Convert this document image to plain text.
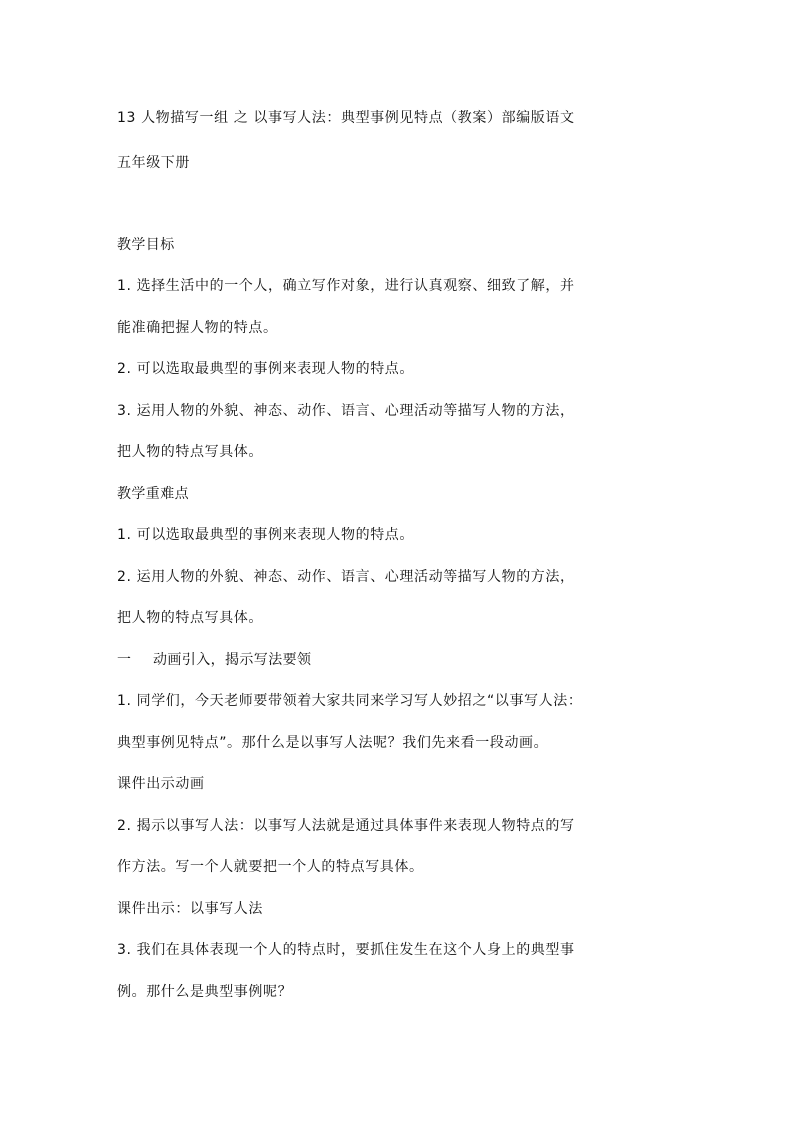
13 人物描写一组 之 以事写人法：典型事例见特点（教案）部编版语文
五年级下册
教学目标
1. 选择生活中的一个人，确立写作对象，进行认真观察、细致了解，并
能准确把握人物的特点。
2. 可以选取最典型的事例来表现人物的特点。
3. 运用人物的外貌、神态、动作、语言、心理活动等描写人物的方法，
把人物的特点写具体。
教学重难点
1. 可以选取最典型的事例来表现人物的特点。
2. 运用人物的外貌、神态、动作、语言、心理活动等描写人物的方法，
把人物的特点写具体。
一 动画引入，揭示写法要领
1. 同学们，今天老师要带领着大家共同来学习写人妙招之“以事写人法：
典型事例见特点”。那什么是以事写人法呢？我们先来看一段动画。
课件出示动画
2. 揭示以事写人法：以事写人法就是通过具体事件来表现人物特点的写
作方法。写一个人就要把一个人的特点写具体。
课件出示：以事写人法
3. 我们在具体表现一个人的特点时，要抓住发生在这个人身上的典型事
例。那什么是典型事例呢？
